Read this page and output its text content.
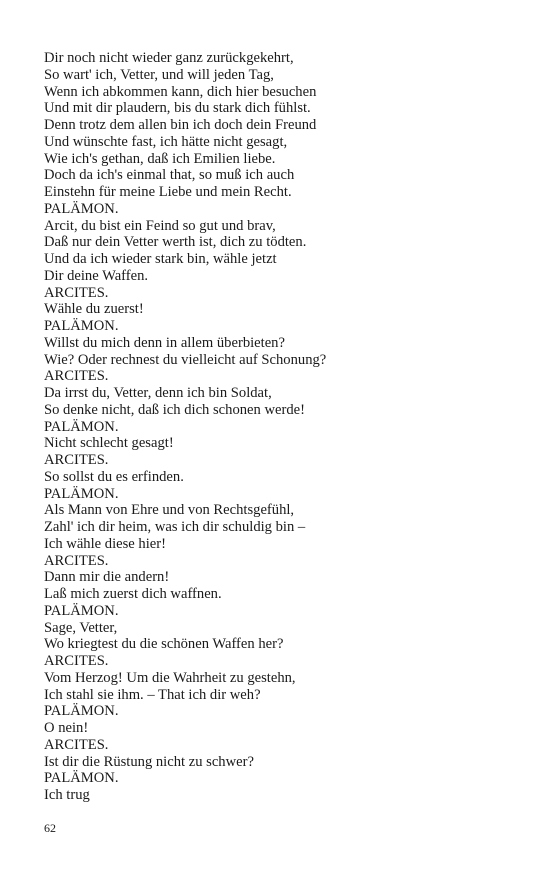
Dir noch nicht wieder ganz zurückgekehrt,
So wart' ich, Vetter, und will jeden Tag,
Wenn ich abkommen kann, dich hier besuchen
Und mit dir plaudern, bis du stark dich fühlst.
Denn trotz dem allen bin ich doch dein Freund
Und wünschte fast, ich hätte nicht gesagt,
Wie ich's gethan, daß ich Emilien liebe.
Doch da ich's einmal that, so muß ich auch
Einstehn für meine Liebe und mein Recht.
PALÄMON.
Arcit, du bist ein Feind so gut und brav,
Daß nur dein Vetter werth ist, dich zu tödten.
Und da ich wieder stark bin, wähle jetzt
Dir deine Waffen.
ARCITES.
Wähle du zuerst!
PALÄMON.
Willst du mich denn in allem überbieten?
Wie? Oder rechnest du vielleicht auf Schonung?
ARCITES.
Da irrst du, Vetter, denn ich bin Soldat,
So denke nicht, daß ich dich schonen werde!
PALÄMON.
Nicht schlecht gesagt!
ARCITES.
So sollst du es erfinden.
PALÄMON.
Als Mann von Ehre und von Rechtsgefühl,
Zahl' ich dir heim, was ich dir schuldig bin –
Ich wähle diese hier!
ARCITES.
Dann mir die andern!
Laß mich zuerst dich waffnen.
PALÄMON.
Sage, Vetter,
Wo kriegtest du die schönen Waffen her?
ARCITES.
Vom Herzog! Um die Wahrheit zu gestehn,
Ich stahl sie ihm. – That ich dir weh?
PALÄMON.
O nein!
ARCITES.
Ist dir die Rüstung nicht zu schwer?
PALÄMON.
Ich trug
62
